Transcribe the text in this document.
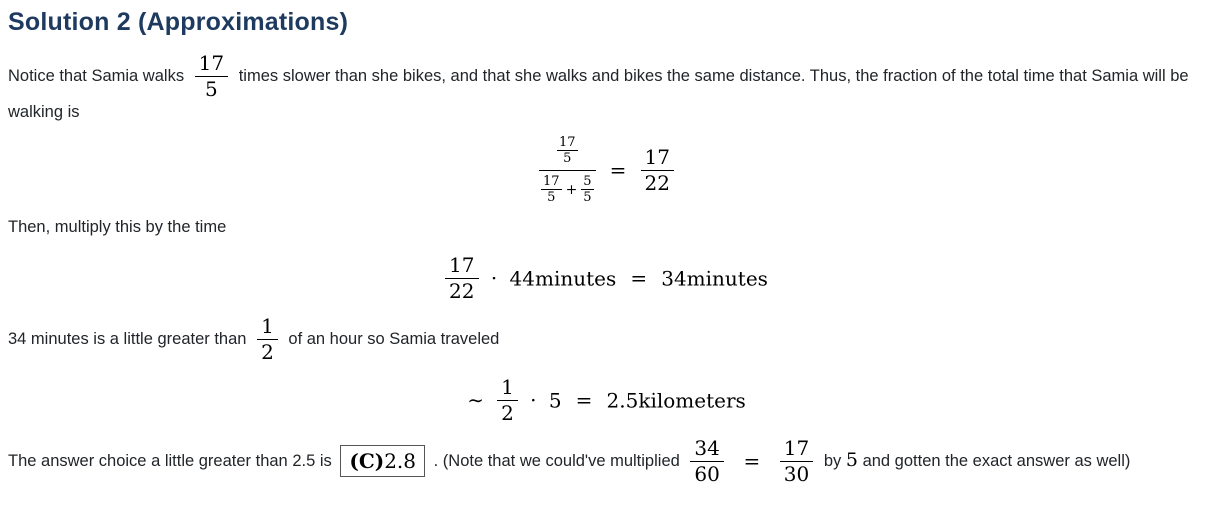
Solution 2 (Approximations)

Notice that Samia walks $\frac{17}{5}$ times slower than she bikes, and that she walks and bikes the same distance. Thus, the fraction of the total time that Samia will be walking is

$\frac{\frac{17}{5}}{\frac{17}{5} + \frac{5}{5}} = \frac{17}{22}$

Then, multiply this by the time

$\frac{17}{22}$ ⋅ 44minutes = 34minutes

34 minutes is a little greater than $\frac{1}{2}$ of an hour so Samia traveled

∼ $\frac{1}{2} \cdot 5$ = 2.5kilometers

The answer choice a little greater than 2.5 is (C)2.8 . (Note that we could've multiplied $\frac{34}{60} = \frac{17}{30}$ by 5 and gotten the exact answer as well)
